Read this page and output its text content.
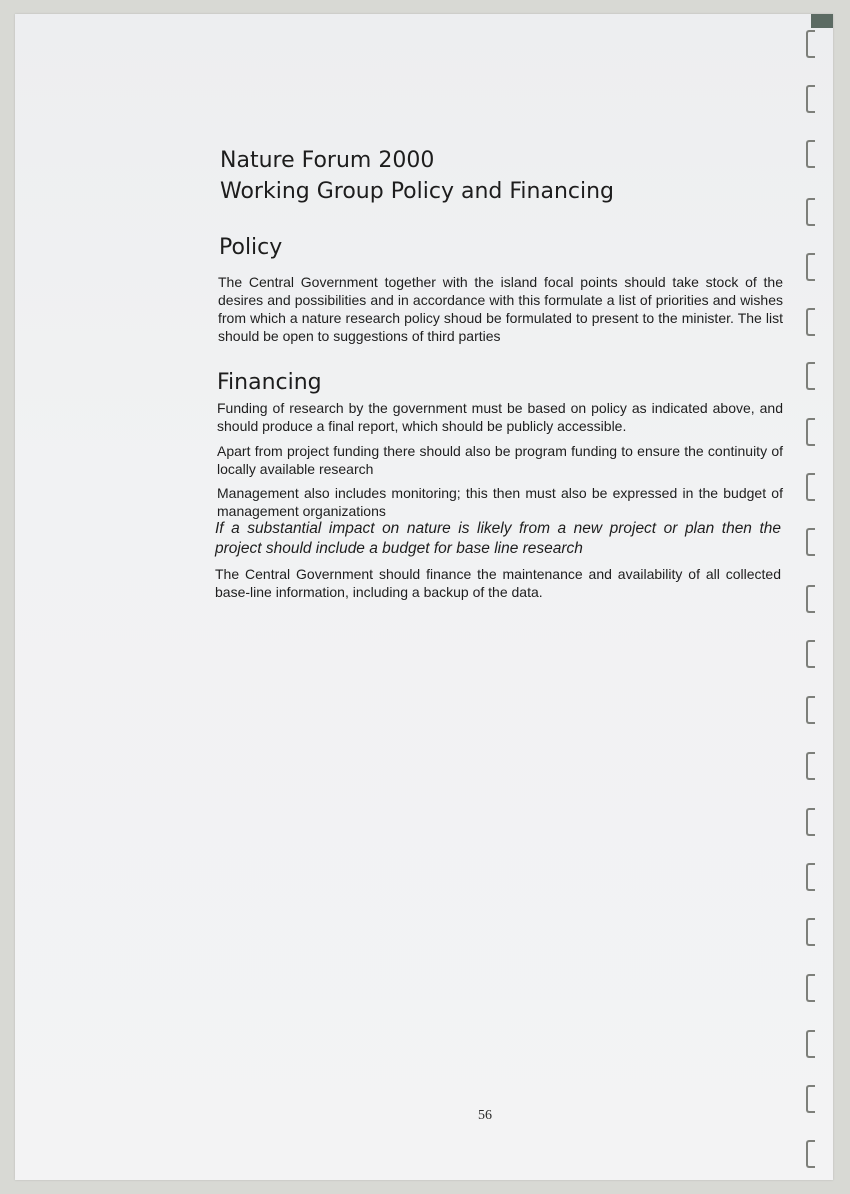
Nature Forum 2000
Working Group Policy and Financing
Policy

The Central Government together with the island focal points should take stock of the desires and possibilities and in accordance with this formulate a list of priorities and wishes from which a nature research policy shoud be formulated to present to the minister. The list should be open to suggestions of third parties

Financing

Funding of research by the government must be based on policy as indicated above, and should produce a final report, which should be publicly accessible.

Apart from project funding there should also be program funding to ensure the continuity of locally available research

Management also includes monitoring; this then must also be expressed in the budget of management organizations

If a substantial impact on nature is likely from a new project or plan then the project should include a budget for base line research

The Central Government should finance the maintenance and availability of all collected base-line information, including a backup of the data.

56
